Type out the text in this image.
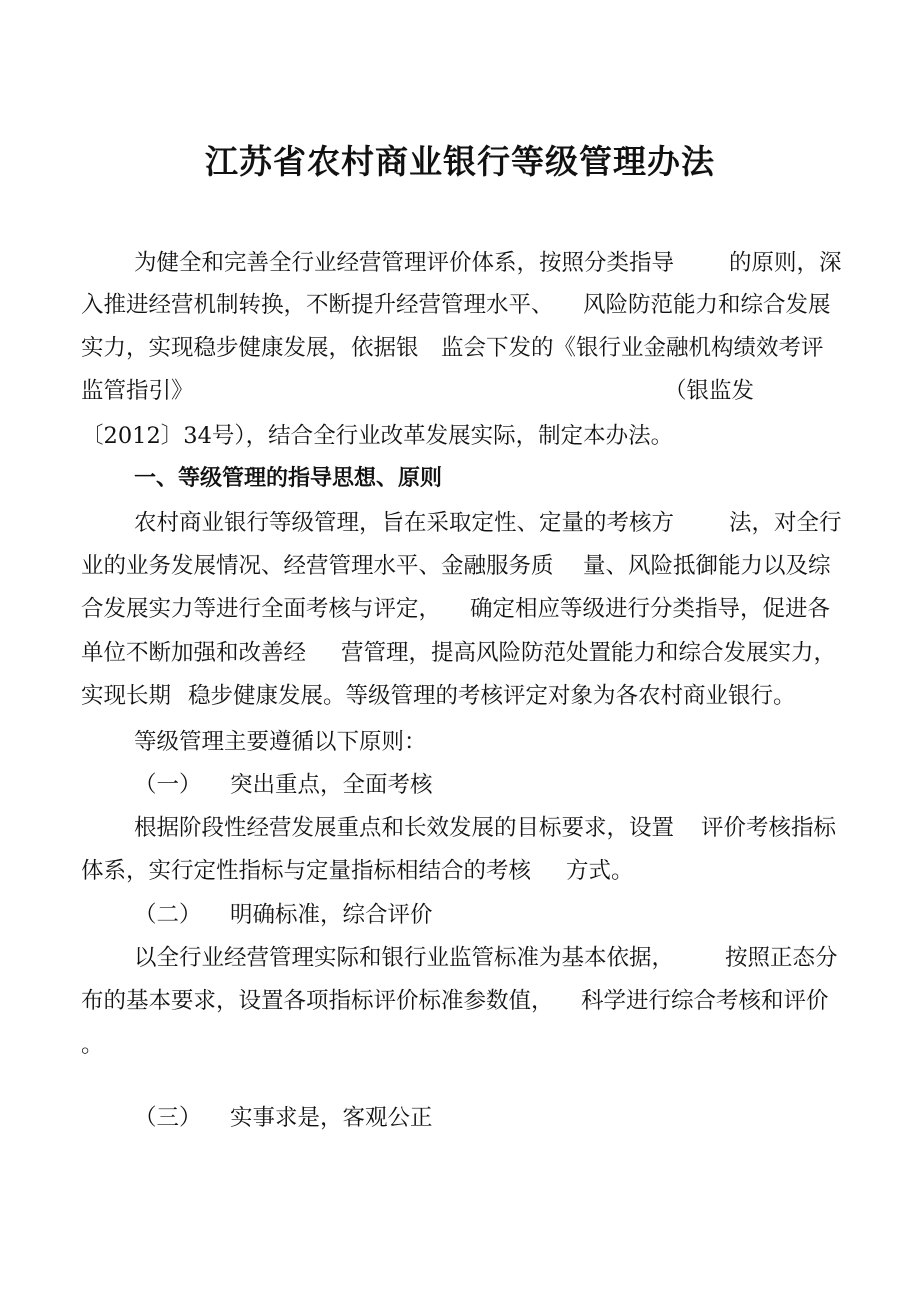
江苏省农村商业银行等级管理办法
为健全和完善全行业经营管理评价体系，按照分类指导 的原则，深
入推进经营机制转换，不断提升经营管理水平、 风险防范能力和综合发展
实力，实现稳步健康发展，依据银 监会下发的《银行业金融机构绩效考评
监管指引》	（银监发
〔2012〕34号），结合全行业改革发展实际，制定本办法。
一、等级管理的指导思想、原则
农村商业银行等级管理，旨在采取定性、定量的考核方 法，对全行
业的业务发展情况、经营管理水平、金融服务质 量、风险抵御能力以及综
合发展实力等进行全面考核与评定， 确定相应等级进行分类指导，促进各
单位不断加强和改善经 营管理，提高风险防范处置能力和综合发展实力，
实现长期 稳步健康发展。等级管理的考核评定对象为各农村商业银行。
等级管理主要遵循以下原则：
（一） 突出重点，全面考核
根据阶段性经营发展重点和长效发展的目标要求，设置 评价考核指标
体系，实行定性指标与定量指标相结合的考核 方式。
（二） 明确标准，综合评价
以全行业经营管理实际和银行业监管标准为基本依据， 按照正态分
布的基本要求，设置各项指标评价标准参数值， 科学进行综合考核和评价
。
（三） 实事求是，客观公正
